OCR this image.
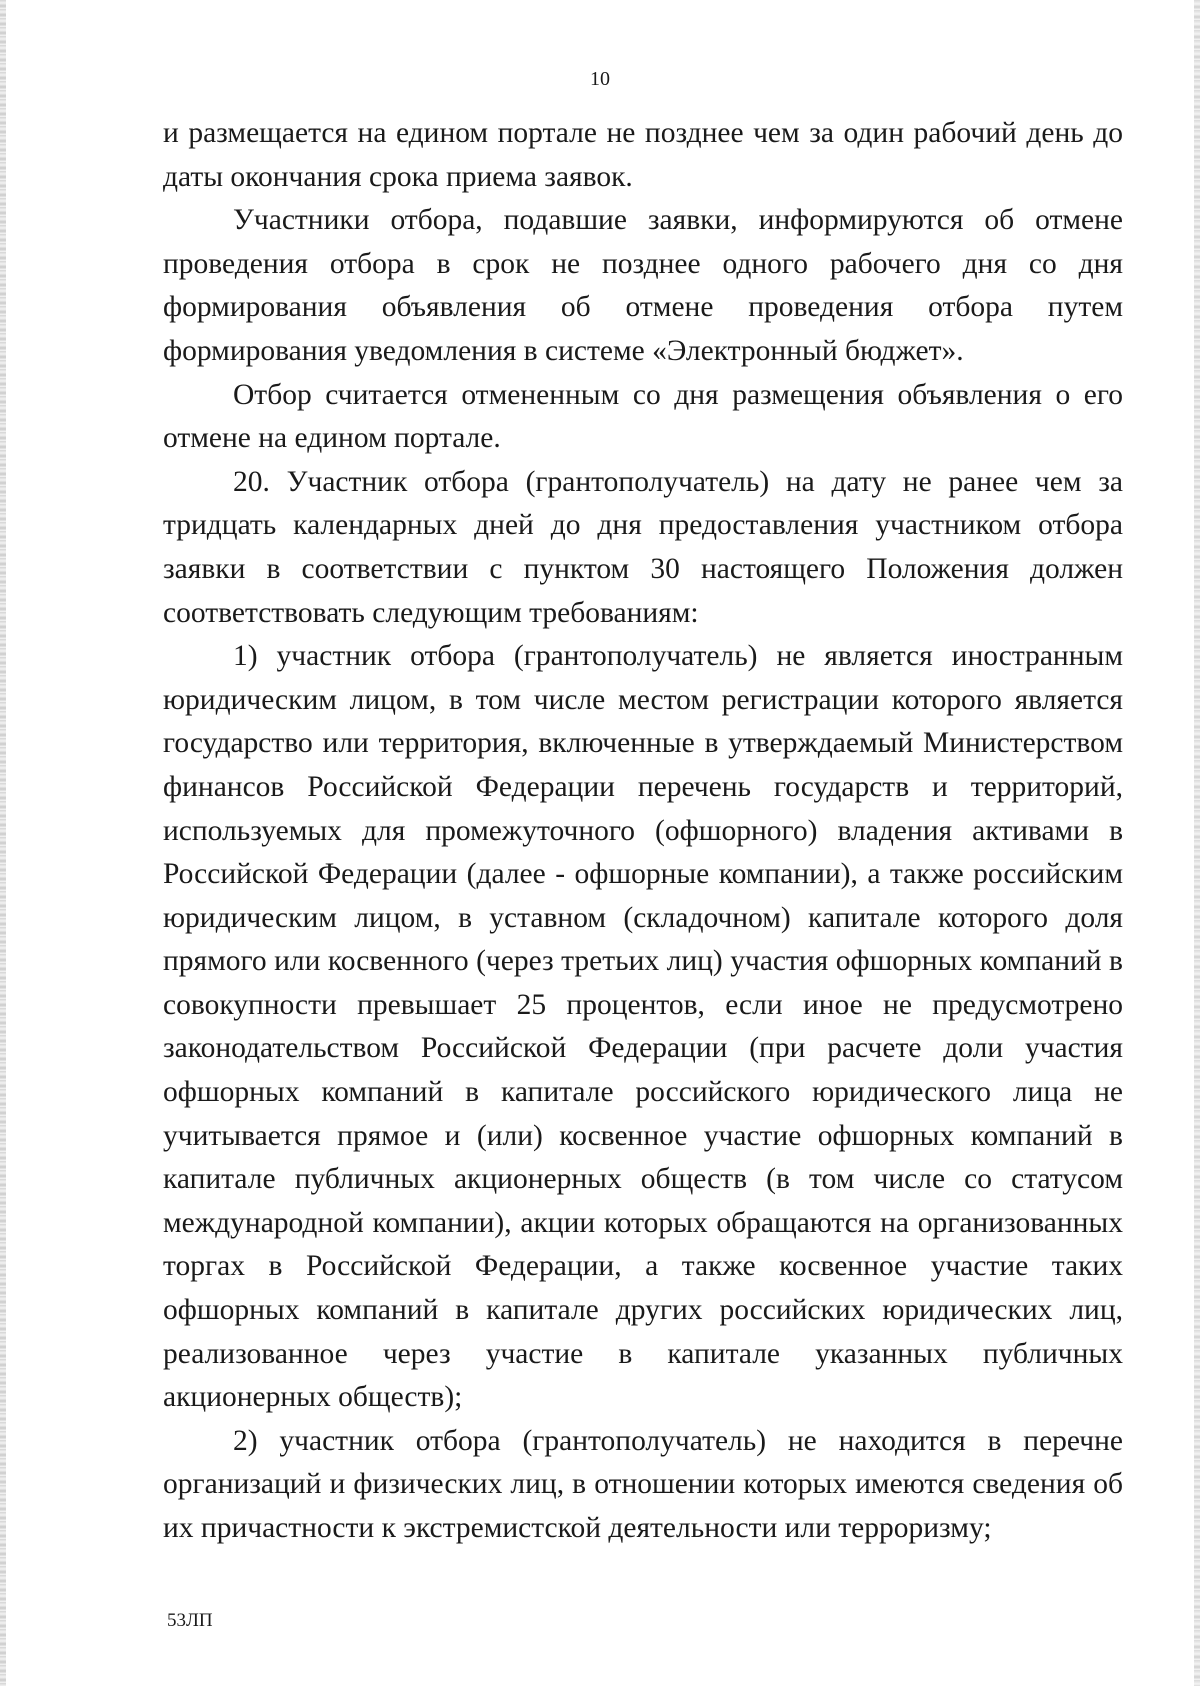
10

и размещается на едином портале не позднее чем за один рабочий день до даты окончания срока приема заявок.

Участники отбора, подавшие заявки, информируются об отмене проведения отбора в срок не позднее одного рабочего дня со дня формирования объявления об отмене проведения отбора путем формирования уведомления в системе «Электронный бюджет».

Отбор считается отмененным со дня размещения объявления о его отмене на едином портале.

20. Участник отбора (грантополучатель) на дату не ранее чем за тридцать календарных дней до дня предоставления участником отбора заявки в соответствии с пунктом 30 настоящего Положения должен соответствовать следующим требованиям:

1) участник отбора (грантополучатель) не является иностранным юридическим лицом, в том числе местом регистрации которого является государство или территория, включенные в утверждаемый Министерством финансов Российской Федерации перечень государств и территорий, используемых для промежуточного (офшорного) владения активами в Российской Федерации (далее - офшорные компании), а также российским юридическим лицом, в уставном (складочном) капитале которого доля прямого или косвенного (через третьих лиц) участия офшорных компаний в совокупности превышает 25 процентов, если иное не предусмотрено законодательством Российской Федерации (при расчете доли участия офшорных компаний в капитале российского юридического лица не учитывается прямое и (или) косвенное участие офшорных компаний в капитале публичных акционерных обществ (в том числе со статусом международной компании), акции которых обращаются на организованных торгах в Российской Федерации, а также косвенное участие таких офшорных компаний в капитале других российских юридических лиц, реализованное через участие в капитале указанных публичных акционерных обществ);

2) участник отбора (грантополучатель) не находится в перечне организаций и физических лиц, в отношении которых имеются сведения об их причастности к экстремистской деятельности или терроризму;

53ЛП
